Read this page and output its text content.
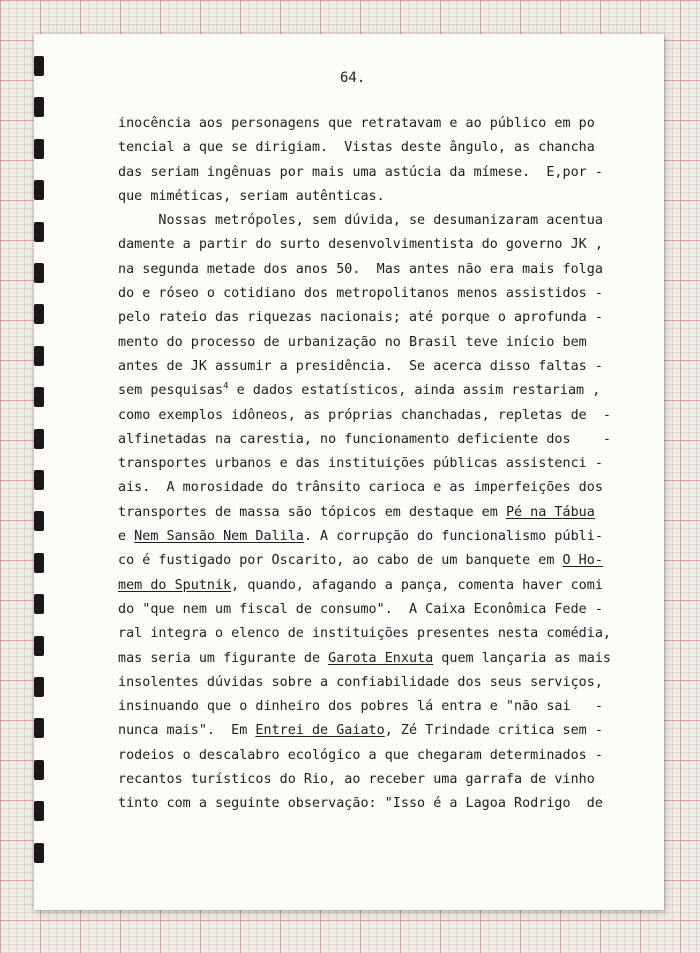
64.
inocência aos personagens que retratavam e ao público em po
tencial a que se dirigiam.  Vistas deste ângulo, as chancha
das seriam ingênuas por mais uma astúcia da mímese.  E,por -
que miméticas, seriam autênticas.
Nossas metrópoles, sem dúvida, se desumanizaram acentua
damente a partir do surto desenvolvimentista do governo JK ,
na segunda metade dos anos 50.  Mas antes não era mais folga
do e róseo o cotidiano dos metropolitanos menos assistidos -
pelo rateio das riquezas nacionais; até porque o aprofunda -
mento do processo de urbanização no Brasil teve início bem
antes de JK assumir a presidência.  Se acerca disso faltas -
sem pesquisas$^4$ e dados estatísticos, ainda assim restariam ,
como exemplos idôneos, as próprias chanchadas, repletas de  -
alfinetadas na carestia, no funcionamento deficiente dos    -
transportes urbanos e das instituições públicas assistenci -
ais.  A morosidade do trânsito carioca e as imperfeições dos
transportes de massa são tópicos em destaque em Pé na Tábua
e Nem Sansão Nem Dalila. A corrupção do funcionalismo públi-
co é fustigado por Oscarito, ao cabo de um banquete em O Ho-
mem do Sputnik, quando, afagando a pança, comenta haver comi
do "que nem um fiscal de consumo".  A Caixa Econômica Fede -
ral integra o elenco de instituições presentes nesta comédia,
mas seria um figurante de Garota Enxuta quem lançaria as mais
insolentes dúvidas sobre a confiabilidade dos seus serviços,
insinuando que o dinheiro dos pobres lá entra e "não sai   -
nunca mais".  Em Entrei de Gaiato, Zé Trindade critica sem -
rodeios o descalabro ecológico a que chegaram determinados -
recantos turísticos do Rio, ao receber uma garrafa de vinho
tinto com a seguinte observação: "Isso é a Lagoa Rodrigo  de
